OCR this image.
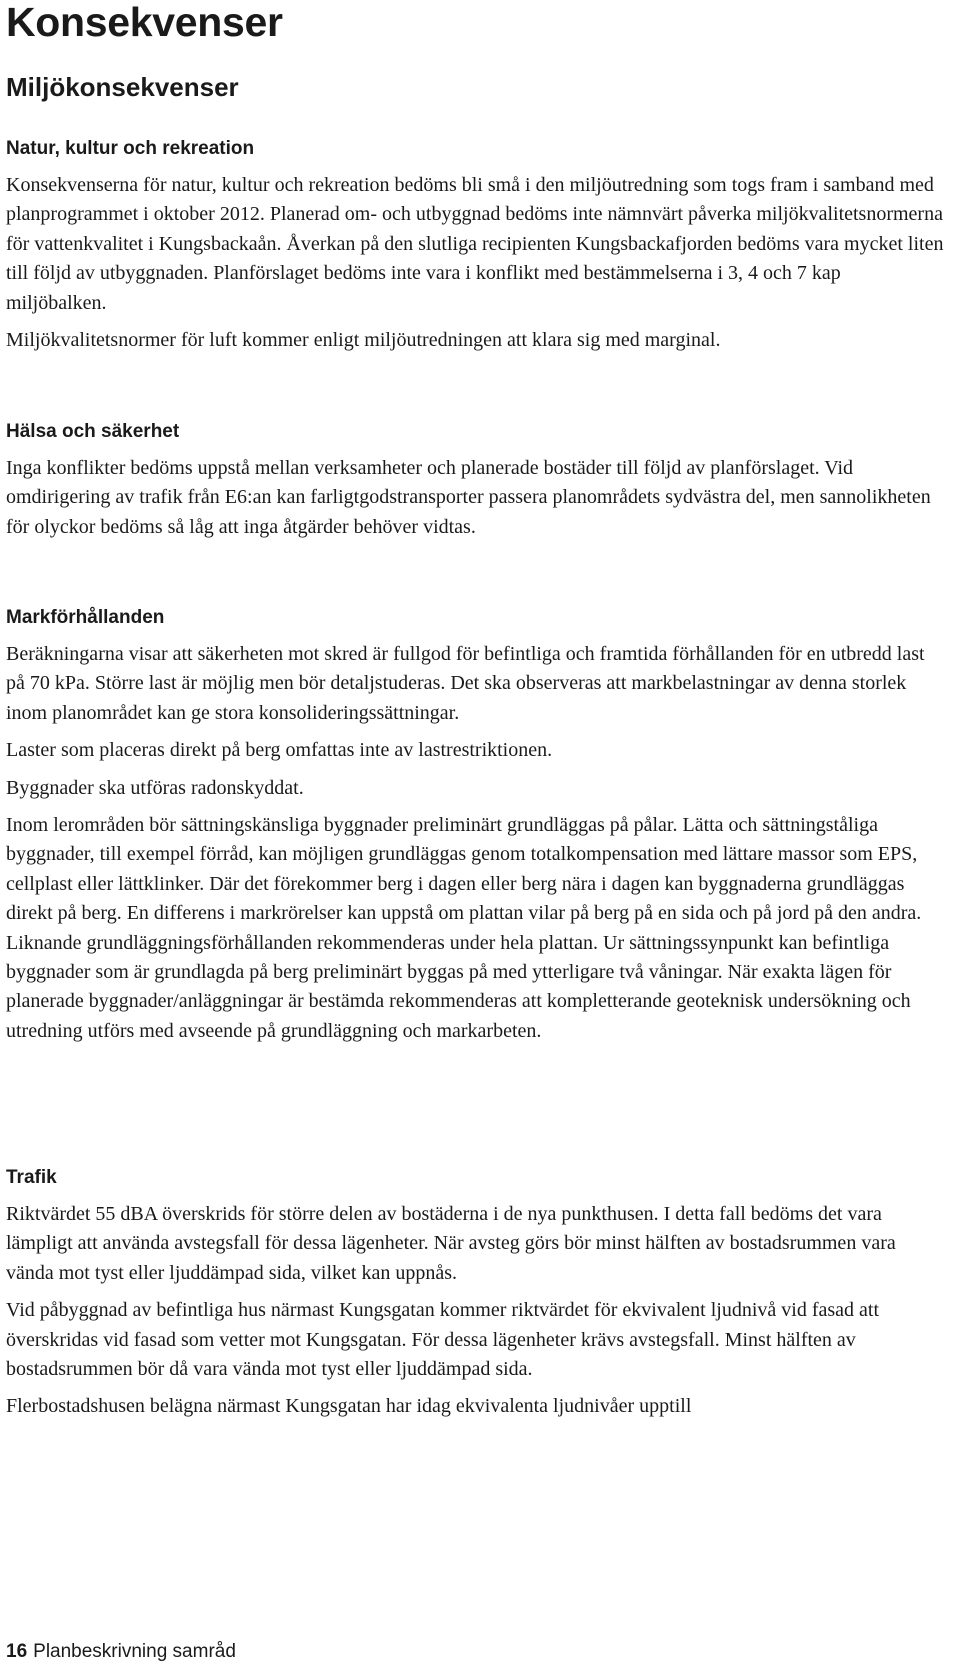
Konsekvenser
Miljökonsekvenser
Natur, kultur och rekreation

Konsekvenserna för natur, kultur och rekreation bedöms bli små i den miljöutredning som togs fram i samband med planprogrammet i oktober 2012. Planerad om- och utbyggnad bedöms inte nämnvärt påverka miljökvalitetsnormerna för vattenkvalitet i Kungsbackaån. Åverkan på den slutliga recipienten Kungsbackafjorden bedöms vara mycket liten till följd av utbyggnaden. Planförslaget bedöms inte vara i konflikt med bestämmelserna i 3, 4 och 7 kap miljöbalken.

Miljökvalitetsnormer för luft kommer enligt miljöutredningen att klara sig med marginal.

Hälsa och säkerhet

Inga konflikter bedöms uppstå mellan verksamheter och planerade bostäder till följd av planförslaget. Vid omdirigering av trafik från E6:an kan farligtgodstransporter passera planområdets sydvästra del, men sannolikheten för olyckor bedöms så låg att inga åtgärder behöver vidtas.

Markförhållanden

Beräkningarna visar att säkerheten mot skred är fullgod för befintliga och framtida förhållanden för en utbredd last på 70 kPa. Större last är möjlig men bör detaljstuderas. Det ska observeras att markbelastningar av denna storlek inom planområdet kan ge stora konsolideringssättningar.

Laster som placeras direkt på berg omfattas inte av lastrestriktionen.

Byggnader ska utföras radonskyddat.

Inom lerområden bör sättningskänsliga byggnader preliminärt grundläggas på pålar. Lätta och sättningståliga byggnader, till exempel förråd, kan möjligen grundläggas genom totalkompensation med lättare massor som EPS, cellplast eller lättklinker. Där det förekommer berg i dagen eller berg nära i dagen kan byggnaderna grundläggas direkt på berg. En differens i markrörelser kan uppstå om plattan vilar på berg på en sida och på jord på den andra. Liknande grundläggningsförhållanden rekommenderas under hela plattan. Ur sättningssynpunkt kan befintliga byggnader som är grundlagda på berg preliminärt byggas på med ytterligare två våningar. När exakta lägen för planerade byggnader/anläggningar är bestämda rekommenderas att kompletterande geoteknisk undersökning och utredning utförs med avseende på grundläggning och markarbeten.

Trafik

Riktvärdet 55 dBA överskrids för större delen av bostäderna i de nya punkthusen. I detta fall bedöms det vara lämpligt att använda avstegsfall för dessa lägenheter. När avsteg görs bör minst hälften av bostadsrummen vara vända mot tyst eller ljuddämpad sida, vilket kan uppnås.

Vid påbyggnad av befintliga hus närmast Kungsgatan kommer riktvärdet för ekvivalent ljudnivå vid fasad att överskridas vid fasad som vetter mot Kungsgatan. För dessa lägenheter krävs avstegsfall. Minst hälften av bostadsrummen bör då vara vända mot tyst eller ljuddämpad sida.

Flerbostadshusen belägna närmast Kungsgatan har idag ekvivalenta ljudnivåer upptill

16 Planbeskrivning samråd
